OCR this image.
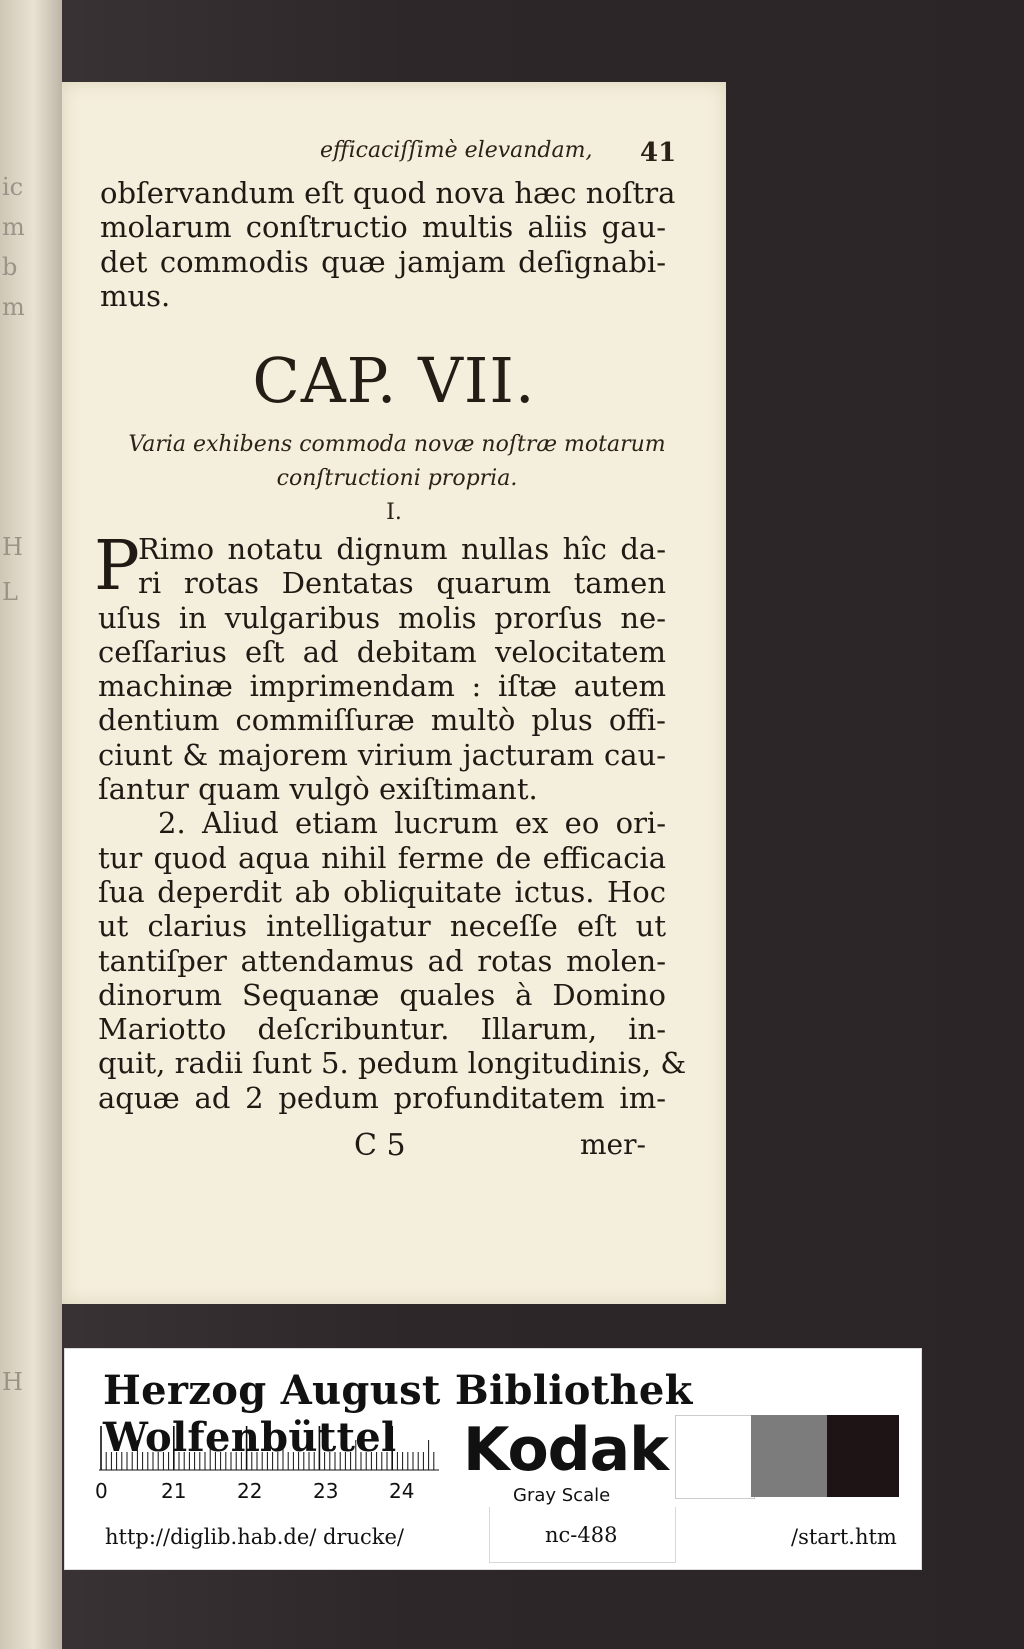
ic
m
b
m
H
L
H
efficaciſſimè elevandam, 41
obſervandum eſt quod nova hæc noſtra
molarum conſtructio multis aliis gau-
det commodis quæ jamjam deſignabi-
mus.
CAP. VII.
Varia exhibens commoda novæ noſtræ motarum
conſtructioni propria.
I.
P
Rimo notatu dignum nullas hîc da-
ri rotas Dentatas quarum tamen
uſus in vulgaribus molis prorſus ne-
ceſſarius eſt ad debitam velocitatem
machinæ imprimendam : iſtæ autem
dentium commiſſuræ multò plus offi-
ciunt & majorem virium jacturam cau-
ſantur quam vulgò exiſtimant.
2. Aliud etiam lucrum ex eo ori-
tur quod aqua nihil ferme de efficacia
ſua deperdit ab obliquitate ictus. Hoc
ut clarius intelligatur neceſſe eſt ut
tantiſper attendamus ad rotas molen-
dinorum Sequanæ quales à Domino
Mariotto deſcribuntur. Illarum, in-
quit, radii ſunt 5. pedum longitudinis, &
aquæ ad 2 pedum profunditatem im-
C 5	mer-
Herzog August Bibliothek Wolfenbüttel
0	21	22	23	24
Kodak
Gray Scale
http://diglib.hab.de/ drucke/	nc-488	/start.htm
